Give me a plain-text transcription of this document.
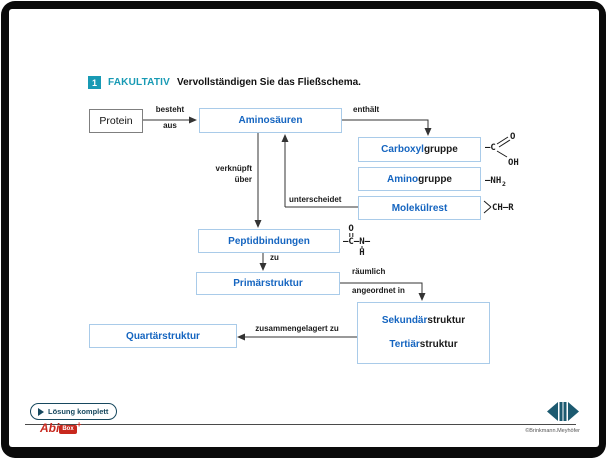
1	FAKULTATIV Vervollständigen Sie das Fließschema.
Protein	Aminosäuren
Carboxyl gruppe
Amino gruppe
Molekülrest
Peptidbindungen
Primärstruktur
Sekundärstruktur
Tertiärstruktur
Quartärstruktur
besteht
aus
enthält
verknüpft
über
unterscheidet
zu
räumlich
angeordnet in
zusammengelagert zu
–C
O
OH
–NH 2
CH–R
O
–C–N–
H
Lösung komplett
Abi Box +
©Brinkmann.Meyhöfer
